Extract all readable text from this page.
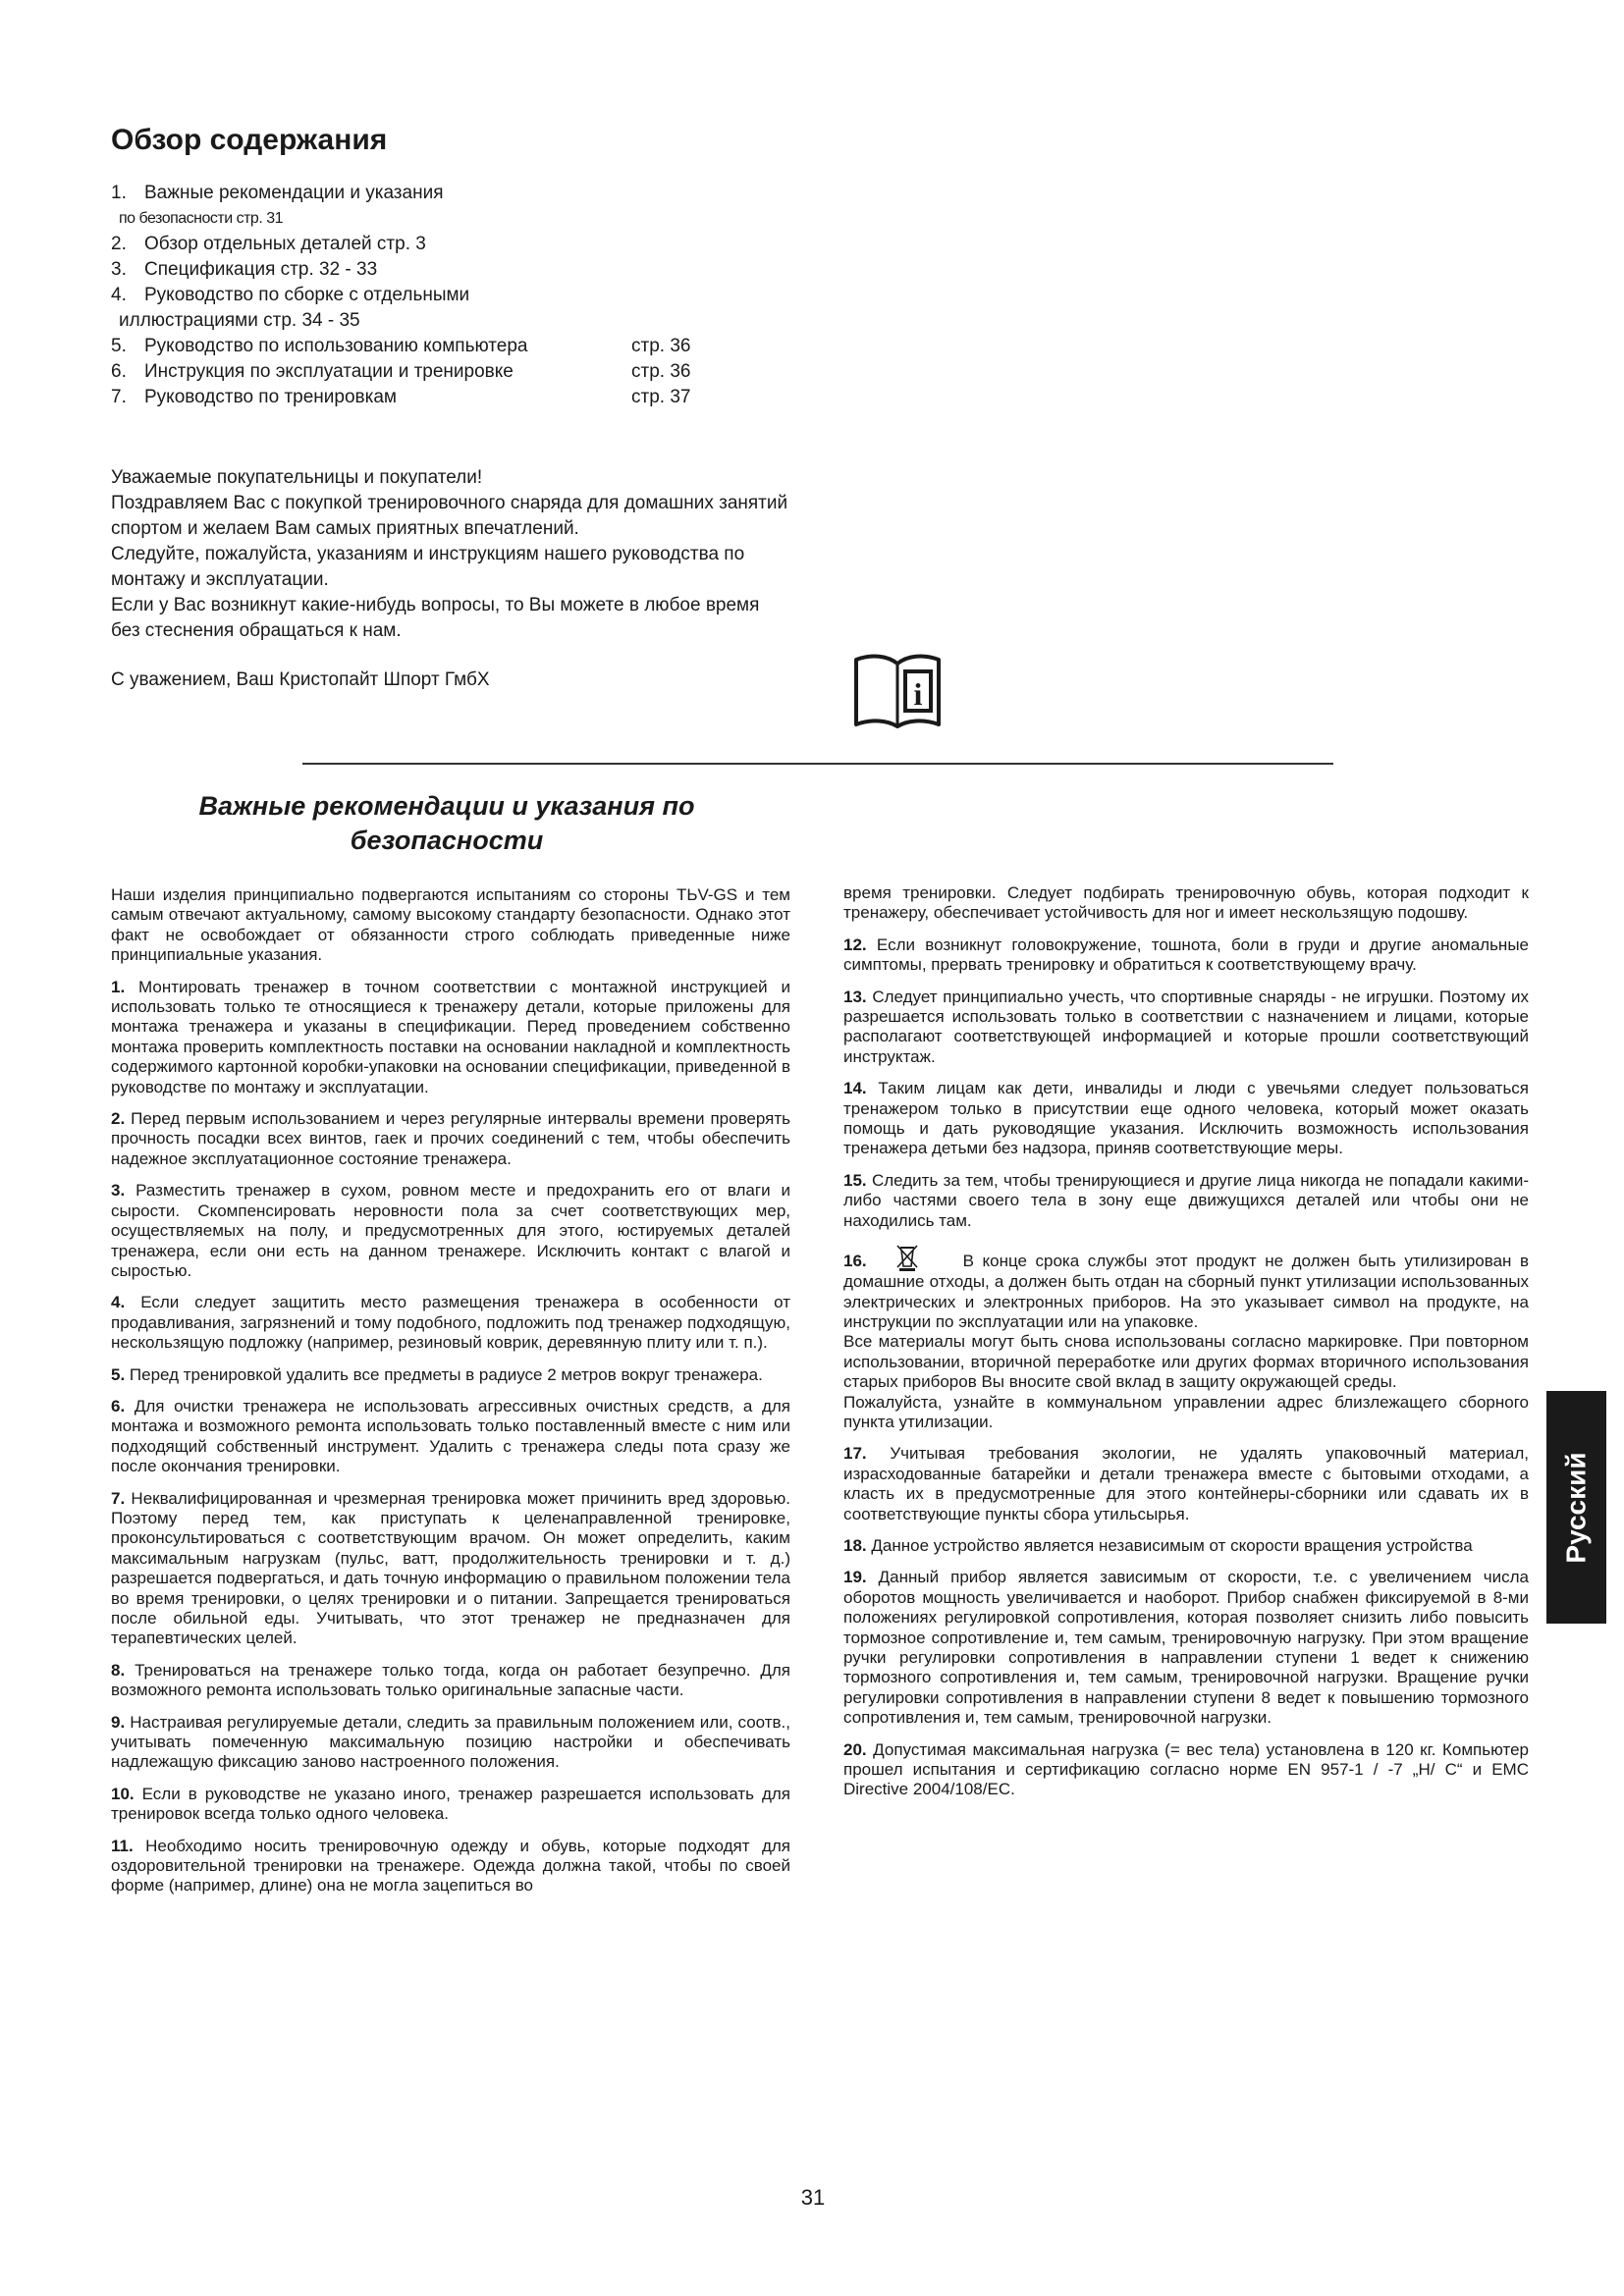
Обзор содержания
1. Важные рекомендации и указания
по безопасности стр. 31
2. Обзор отдельных деталей стр. 3
3. Спецификация стр. 32 - 33
4. Руководство по сборке с отдельными
иллюстрациями стр. 34 - 35
5. Руководство по использованию компьютера	стр. 36
6. Инструкция по эксплуатации и тренировке	стр. 36
7. Руководство по тренировкам	стр. 37

Уважаемые покупательницы и покупатели!

Поздравляем Вас с покупкой тренировочного снаряда для домашних занятий спортом и желаем Вам самых приятных впечатлений.

Следуйте, пожалуйста, указаниям и инструкциям нашего руководства по монтажу и эксплуатации.

Если у Вас возникнут какие-нибудь вопросы, то Вы можете в любое время без стеснения обращаться к нам.

С уважением, Ваш Кристопайт Шпорт ГмбХ	i
Важные рекомендации и указания по
безопасности

Наши изделия принципиально подвергаются испытаниям со стороны TЬV-GS и тем самым отвечают актуальному, самому высокому стандарту безопасности. Однако этот факт не освобождает от обязанности строго соблюдать приведенные ниже принципиальные указания.

1. Монтировать тренажер в точном соответствии с монтажной инструкцией и использовать только те относящиеся к тренажеру детали, которые приложены для монтажа тренажера и указаны в спецификации. Перед проведением собственно монтажа проверить комплектность поставки на основании накладной и комплектность содержимого картонной коробки-упаковки на основании спецификации, приведенной в руководстве по монтажу и эксплуатации.

2. Перед первым использованием и через регулярные интервалы времени проверять прочность посадки всех винтов, гаек и прочих соединений с тем, чтобы обеспечить надежное эксплуатационное состояние тренажера.

3. Разместить тренажер в сухом, ровном месте и предохранить его от влаги и сырости. Скомпенсировать неровности пола за счет соответствующих мер, осуществляемых на полу, и предусмотренных для этого, юстируемых деталей тренажера, если они есть на данном тренажере. Исключить контакт с влагой и сыростью.

4. Если следует защитить место размещения тренажера в особенности от продавливания, загрязнений и тому подобного, подложить под тренажер подходящую, нескользящую подложку (например, резиновый коврик, деревянную плиту или т. п.).

5. Перед тренировкой удалить все предметы в радиусе 2 метров вокруг тренажера.

6. Для очистки тренажера не использовать агрессивных очистных средств, а для монтажа и возможного ремонта использовать только поставленный вместе с ним или подходящий собственный инструмент. Удалить с тренажера следы пота сразу же после окончания тренировки.

7. Неквалифицированная и чрезмерная тренировка может причинить вред здоровью. Поэтому перед тем, как приступать к целенаправленной тренировке, проконсультироваться с соответствующим врачом. Он может определить, каким максимальным нагрузкам (пульс, ватт, продолжительность тренировки и т. д.) разрешается подвергаться, и дать точную информацию о правильном положении тела во время тренировки, о целях тренировки и о питании. Запрещается тренироваться после обильной еды. Учитывать, что этот тренажер не предназначен для терапевтических целей.

8. Тренироваться на тренажере только тогда, когда он работает безупречно. Для возможного ремонта использовать только оригинальные запасные части.

9. Настраивая регулируемые детали, следить за правильным положением или, соотв., учитывать помеченную максимальную позицию настройки и обеспечивать надлежащую фиксацию заново настроенного положения.

10. Если в руководстве не указано иного, тренажер разрешается использовать для тренировок всегда только одного человека.

11. Необходимо носить тренировочную одежду и обувь, которые подходят для оздоровительной тренировки на тренажере. Одежда должна такой, чтобы по своей форме (например, длине) она не могла зацепиться во

время тренировки. Следует подбирать тренировочную обувь, которая подходит к тренажеру, обеспечивает устойчивость для ног и имеет нескользящую подошву.

12. Если возникнут головокружение, тошнота, боли в груди и другие аномальные симптомы, прервать тренировку и обратиться к соответствующему врачу.

13. Следует принципиально учесть, что спортивные снаряды - не игрушки. Поэтому их разрешается использовать только в соответствии с назначением и лицами, которые располагают соответствующей информацией и которые прошли соответствующий инструктаж.

14. Таким лицам как дети, инвалиды и люди с увечьями следует пользоваться тренажером только в присутствии еще одного человека, который может оказать помощь и дать руководящие указания. Исключить возможность использования тренажера детьми без надзора, приняв соответствующие меры.

15. Следить за тем, чтобы тренирующиеся и другие лица никогда не попадали какими-либо частями своего тела в зону еще движущихся деталей или чтобы они не находились там.

16.	В конце срока службы этот продукт не должен быть утилизирован в домашние отходы, а должен быть отдан на сборный пункт утилизации использованных электрических и электронных приборов. На это указывает символ на продукте, на инструкции по эксплуатации или на упаковке.
Все материалы могут быть снова использованы согласно маркировке. При повторном использовании, вторичной переработке или других формах вторичного использования старых приборов Вы вносите свой вклад в защиту окружающей среды.
Пожалуйста, узнайте в коммунальном управлении адрес близлежащего сборного пункта утилизации.

17. Учитывая требования экологии, не удалять упаковочный материал, израсходованные батарейки и детали тренажера вместе с бытовыми отходами, а класть их в предусмотренные для этого контейнеры-сборники или сдавать их в соответствующие пункты сбора утильсырья.

18. Данное устройство является независимым от скорости вращения устройства

19. Данный прибор является зависимым от скорости, т.е. с увеличением числа оборотов мощность увеличивается и наоборот. Прибор снабжен фиксируемой в 8-ми положениях регулировкой сопротивления, которая позволяет снизить либо повысить тормозное сопротивление и, тем самым, тренировочную нагрузку. При этом вращение ручки регулировки сопротивления в направлении ступени 1 ведет к снижению тормозного сопротивления и, тем самым, тренировочной нагрузки. Вращение ручки регулировки сопротивления в направлении ступени 8 ведет к повышению тормозного сопротивления и, тем самым, тренировочной нагрузки.

20. Допустимая максимальная нагрузка (= вес тела) установлена в 120 кг. Компьютер прошел испытания и сертификацию согласно норме EN 957-1 / -7 „H/ C“ и EMC Directive 2004/108/EC.

Русский
31
